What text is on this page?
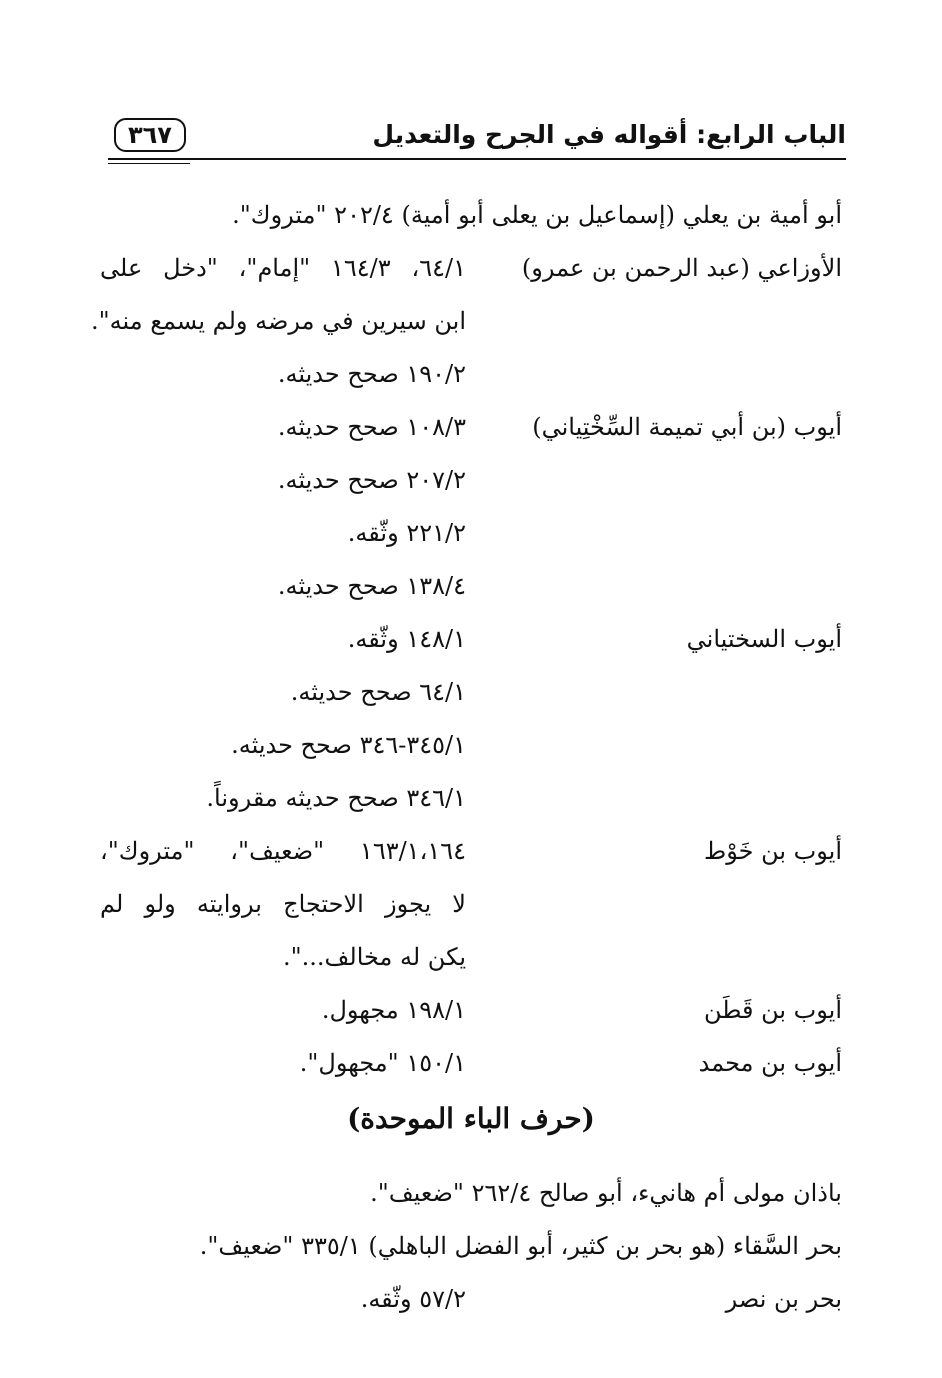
الباب الرابع: أقواله في الجرح والتعديل
٣٦٧
أبو أمية بن يعلي (إسماعيل بن يعلى أبو أمية) ٢٠٢/٤ "متروك".
الأوزاعي (عبد الرحمن بن عمرو)
٦٤/١، ١٦٤/٣ "إمام"، "دخل على
ابن سيرين في مرضه ولم يسمع منه".
١٩٠/٢ صحح حديثه.
أيوب (بن أبي تميمة السِّخْتِياني)
١٠٨/٣ صحح حديثه.
٢٠٧/٢ صحح حديثه.
٢٢١/٢ وثّقه.
١٣٨/٤ صحح حديثه.
أيوب السختياني
١٤٨/١ وثّقه.
٦٤/١ صحح حديثه.
٣٤٥/١-٣٤٦ صحح حديثه.
٣٤٦/١ صحح حديثه مقروناً.
أيوب بن خَوْط
١٦٣/١،١٦٤ "ضعيف"، "متروك"،
لا يجوز الاحتجاج بروايته ولو لم
يكن له مخالف...".
أيوب بن قَطَن
١٩٨/١ مجهول.
أيوب بن محمد
١٥٠/١ "مجهول".
(حرف الباء الموحدة)
باذان مولى أم هانيء، أبو صالح ٢٦٢/٤ "ضعيف".
بحر السَّقاء (هو بحر بن كثير، أبو الفضل الباهلي) ٣٣٥/١ "ضعيف".
بحر بن نصر
٥٧/٢ وثّقه.
